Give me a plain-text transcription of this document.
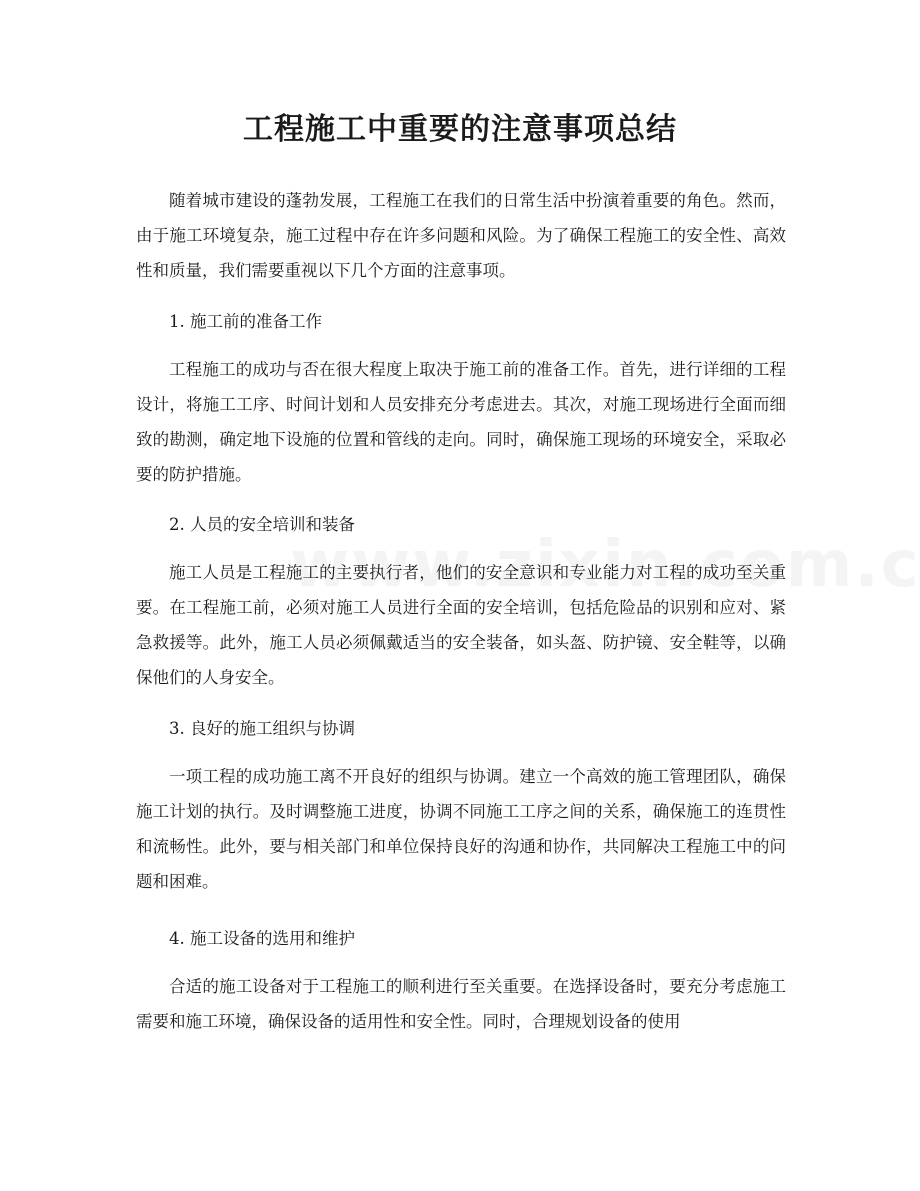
工程施工中重要的注意事项总结

随着城市建设的蓬勃发展，工程施工在我们的日常生活中扮演着重要的角色。然而，由于施工环境复杂，施工过程中存在许多问题和风险。为了确保工程施工的安全性、高效性和质量，我们需要重视以下几个方面的注意事项。

1. 施工前的准备工作

工程施工的成功与否在很大程度上取决于施工前的准备工作。首先，进行详细的工程设计，将施工工序、时间计划和人员安排充分考虑进去。其次，对施工现场进行全面而细致的勘测，确定地下设施的位置和管线的走向。同时，确保施工现场的环境安全，采取必要的防护措施。

2. 人员的安全培训和装备

施工人员是工程施工的主要执行者，他们的安全意识和专业能力对工程的成功至关重要。在工程施工前，必须对施工人员进行全面的安全培训，包括危险品的识别和应对、紧急救援等。此外，施工人员必须佩戴适当的安全装备，如头盔、防护镜、安全鞋等，以确保他们的人身安全。

3. 良好的施工组织与协调

一项工程的成功施工离不开良好的组织与协调。建立一个高效的施工管理团队，确保施工计划的执行。及时调整施工进度，协调不同施工工序之间的关系，确保施工的连贯性和流畅性。此外，要与相关部门和单位保持良好的沟通和协作，共同解决工程施工中的问题和困难。

4. 施工设备的选用和维护

合适的施工设备对于工程施工的顺利进行至关重要。在选择设备时，要充分考虑施工需要和施工环境，确保设备的适用性和安全性。同时，合理规划设备的使用
